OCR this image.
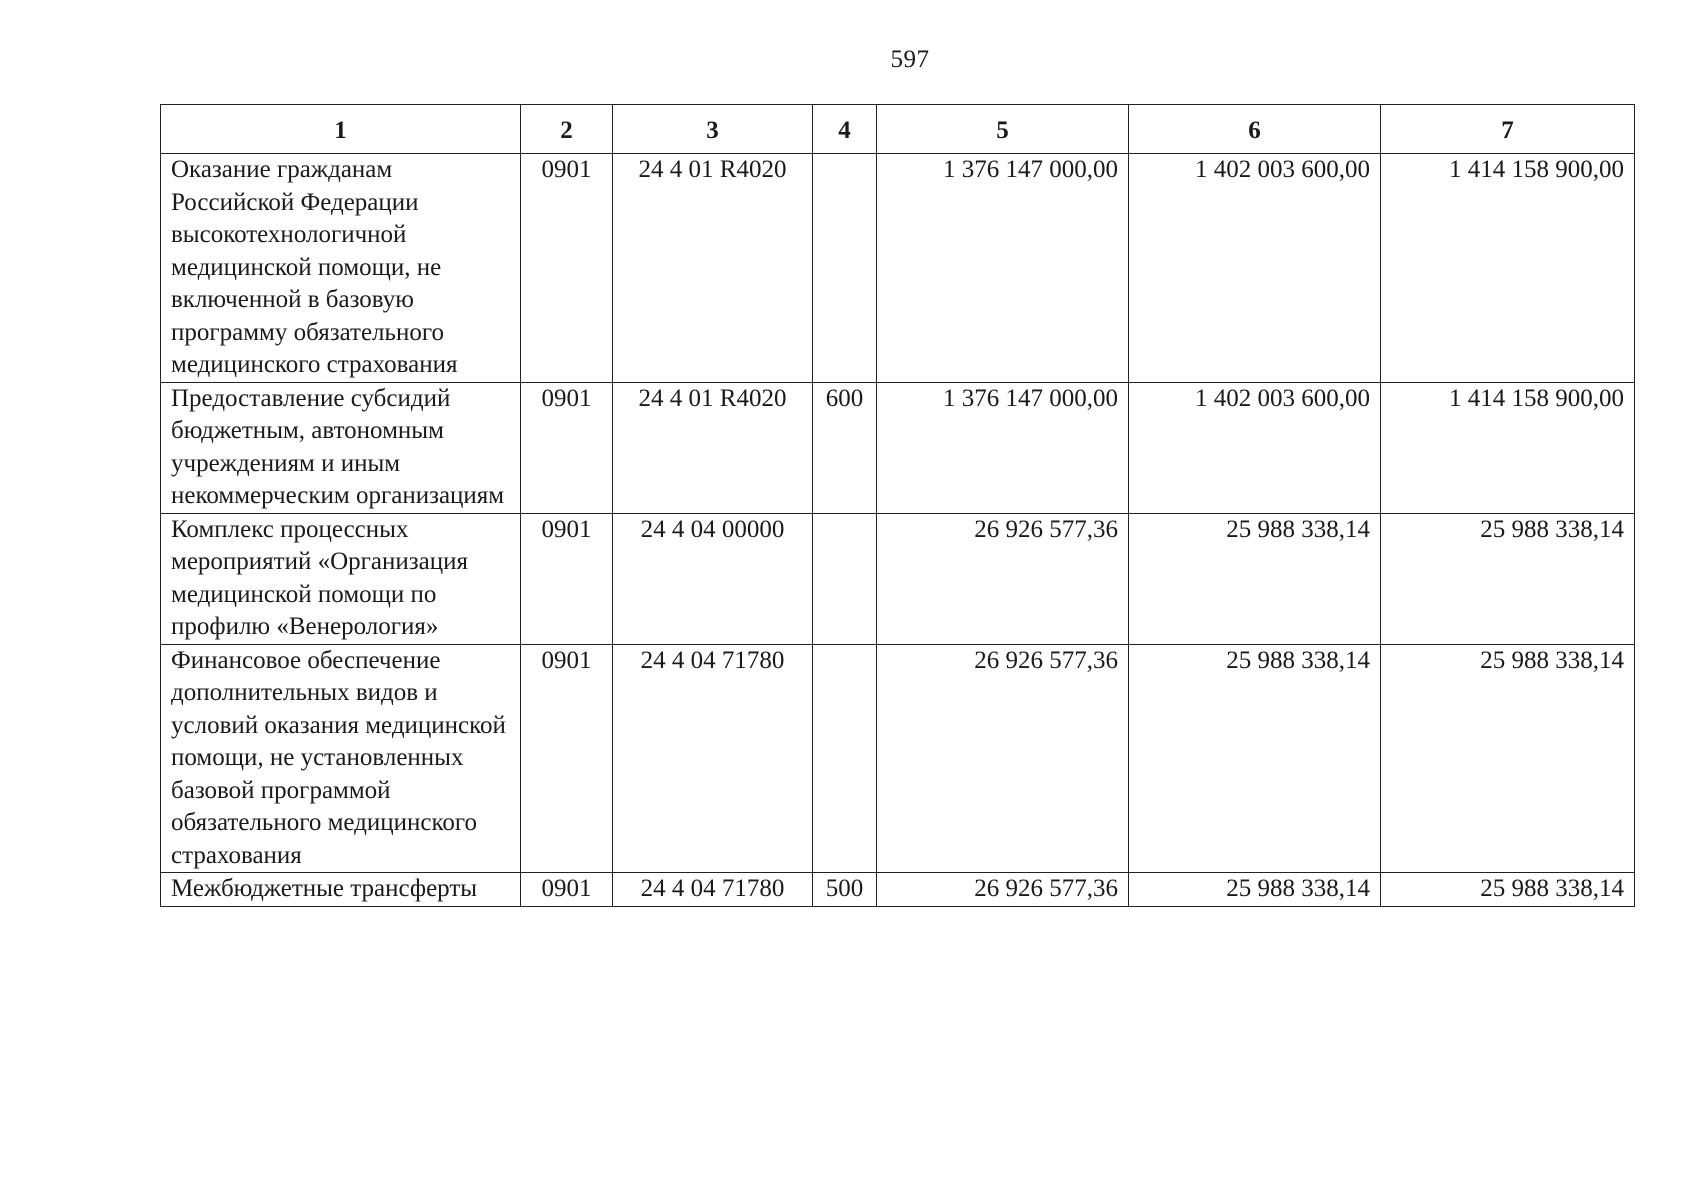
597
1	2	3	4	5	6	7
Оказание гражданам Российской Федерации высокотехнологичной медицинской помощи, не включенной в базовую программу обязательного медицинского страхования	0901	24 4 01 R4020		1 376 147 000,00	1 402 003 600,00	1 414 158 900,00
Предоставление субсидий бюджетным, автономным учреждениям и иным некоммерческим организациям	0901	24 4 01 R4020	600	1 376 147 000,00	1 402 003 600,00	1 414 158 900,00
Комплекс процессных мероприятий «Организация медицинской помощи по профилю «Венерология»	0901	24 4 04 00000		26 926 577,36	25 988 338,14	25 988 338,14
Финансовое обеспечение дополнительных видов и условий оказания медицинской помощи, не установленных базовой программой обязательного медицинского страхования	0901	24 4 04 71780		26 926 577,36	25 988 338,14	25 988 338,14
Межбюджетные трансферты	0901	24 4 04 71780	500	26 926 577,36	25 988 338,14	25 988 338,14
